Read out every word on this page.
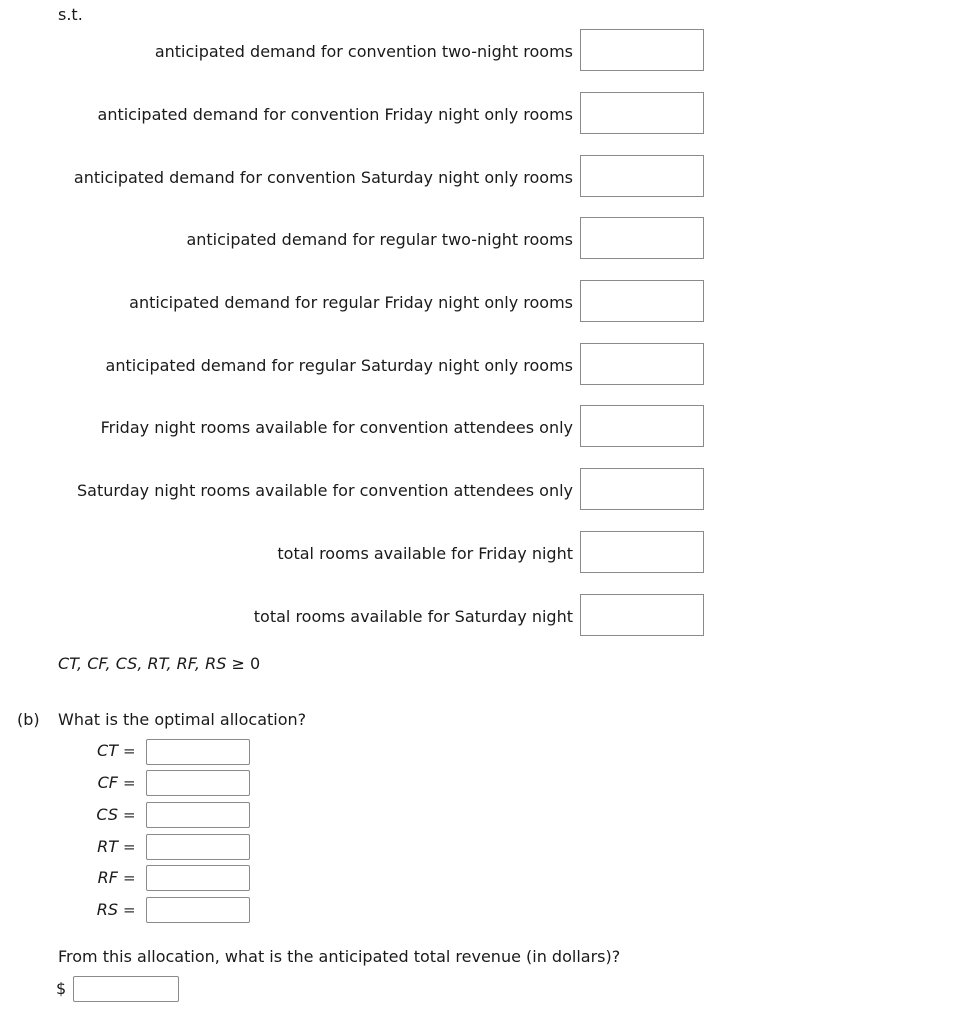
s.t.
anticipated demand for convention two-night rooms
anticipated demand for convention Friday night only rooms
anticipated demand for convention Saturday night only rooms
anticipated demand for regular two-night rooms
anticipated demand for regular Friday night only rooms
anticipated demand for regular Saturday night only rooms
Friday night rooms available for convention attendees only
Saturday night rooms available for convention attendees only
total rooms available for Friday night
total rooms available for Saturday night
CT, CF, CS, RT, RF, RS ≥ 0
(b) What is the optimal allocation?
CT =
CF =
CS =
RT =
RF =
RS =
From this allocation, what is the anticipated total revenue (in dollars)?
$
